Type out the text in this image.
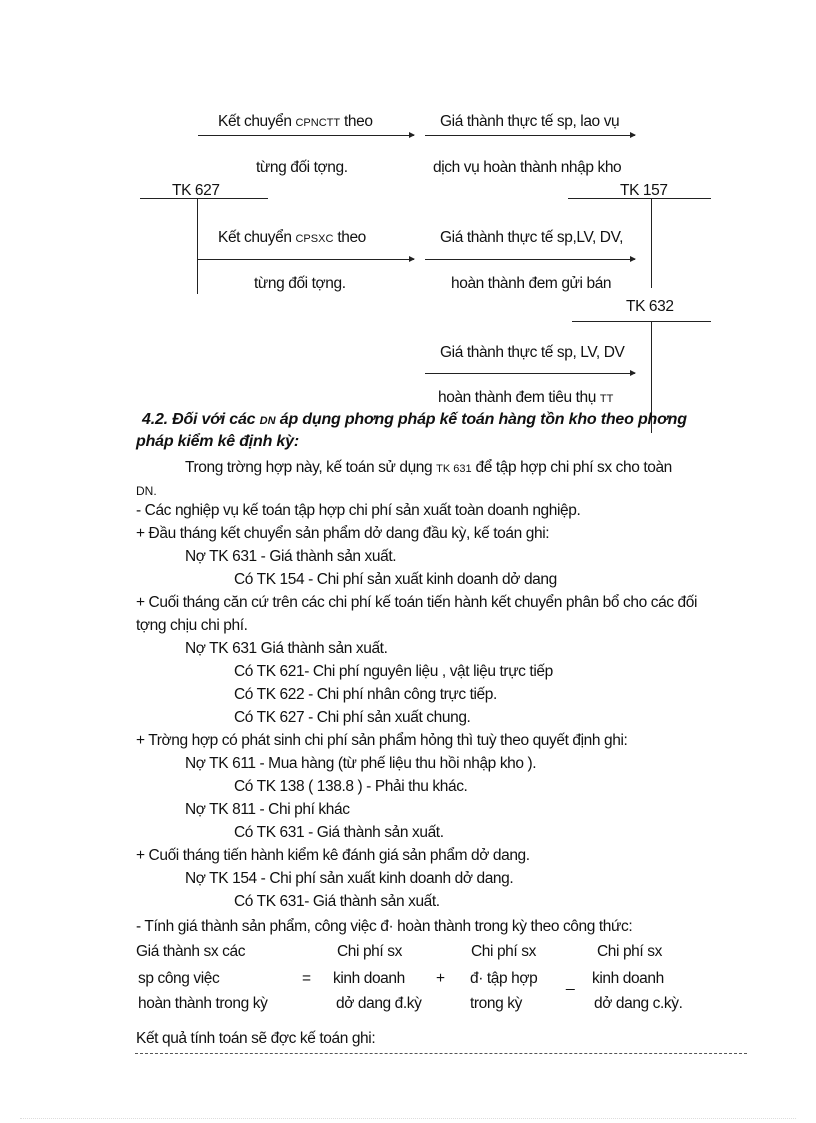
Kết chuyển CPNCTT theo	Giá thành thực tế sp, lao vụ
từng đối tợng.	dịch vụ hoàn thành nhập kho
TK 627	TK 157
Kết chuyển CPSXC theo	Giá thành thực tế sp,LV, DV,
từng đối tợng.	hoàn thành đem gửi bán
TK 632
Giá thành thực tế sp, LV, DV
hoàn thành đem tiêu thụ TT
4.2. Đối với các DN áp dụng phơng pháp kế toán hàng tồn kho theo phơng
pháp kiểm kê định kỳ:
Trong trờng hợp này, kế toán sử dụng TK 631 để tập hợp chi phí sx cho toàn
DN.
- Các nghiệp vụ kế toán tập hợp chi phí sản xuất toàn doanh nghiệp.
+ Đầu tháng kết chuyển sản phẩm dở dang đầu kỳ, kế toán ghi:
Nợ TK 631 - Giá thành sản xuất.
Có TK 154 - Chi phí sản xuất kinh doanh dở dang
+ Cuối tháng căn cứ trên các chi phí kế toán tiến hành kết chuyển phân bổ cho các đối
tợng chịu chi phí.
Nợ TK 631 Giá thành sản xuất.
Có TK 621- Chi phí nguyên liệu , vật liệu trực tiếp
Có TK 622 - Chi phí nhân công trực tiếp.
Có TK 627 - Chi phí sản xuất chung.
+ Trờng hợp có phát sinh chi phí sản phẩm hỏng thì tuỳ theo quyết định ghi:
Nợ TK 611 - Mua hàng (từ phế liệu thu hồi nhập kho ).
Có TK 138 ( 138.8 ) - Phải thu khác.
Nợ TK 811 - Chi phí khác
Có TK 631 - Giá thành sản xuất.
+ Cuối tháng tiến hành kiểm kê đánh giá sản phẩm dở dang.
Nợ TK 154 - Chi phí sản xuất kinh doanh dở dang.
Có TK 631- Giá thành sản xuất.
- Tính giá thành sản phẩm, công việc đ· hoàn thành trong kỳ theo công thức:
Giá thành sx các
sp công việc
hoàn thành trong kỳ
=
Chi phí sx
kinh doanh
dở dang đ.kỳ
+
Chi phí sx
đ· tập hợp
trong kỳ
_
Chi phí sx
kinh doanh
dở dang c.kỳ.
Kết quả tính toán sẽ đợc kế toán ghi:
